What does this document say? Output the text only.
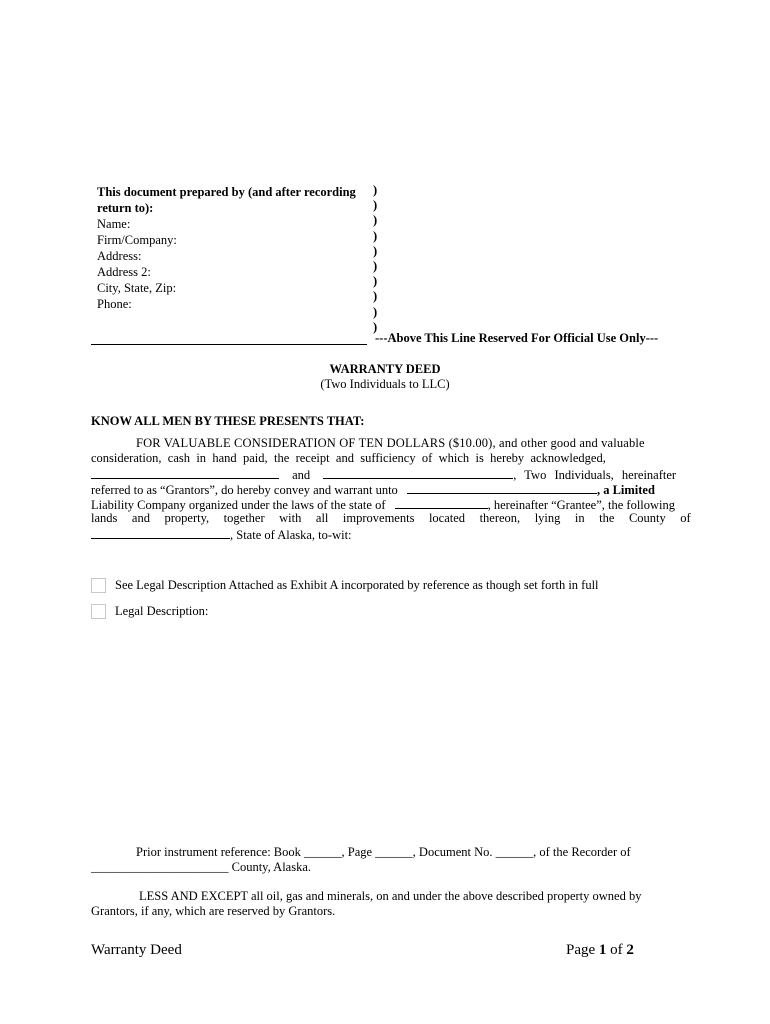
This document prepared by (and after recording
return to):
Name:
Firm/Company:
Address:
Address 2:
City, State, Zip:
Phone:
)
)
)
)
)
)
)
)
)
)
---Above This Line Reserved For Official Use Only---
WARRANTY DEED
(Two Individuals to LLC)
KNOW ALL MEN BY THESE PRESENTS THAT:
FOR VALUABLE CONSIDERATION OF TEN DOLLARS ($10.00), and other good and valuable
consideration, cash in hand paid, the receipt and sufficiency of which is hereby acknowledged,
and	, Two Individuals, hereinafter
referred to as “Grantors”, do hereby convey and warrant unto	, a Limited
Liability Company organized under the laws of the state of	, hereinafter “Grantee”, the following
lands and property, together with all improvements located thereon, lying in the County of
, State of Alaska, to-wit:
See Legal Description Attached as Exhibit A incorporated by reference as though set forth in full
Legal Description:
Prior instrument reference: Book ______, Page ______, Document No. ______, of the Recorder of
______________________ County, Alaska.
LESS AND EXCEPT all oil, gas and minerals, on and under the above described property owned by
Grantors, if any, which are reserved by Grantors.
Warranty Deed	Page 1 of 2
